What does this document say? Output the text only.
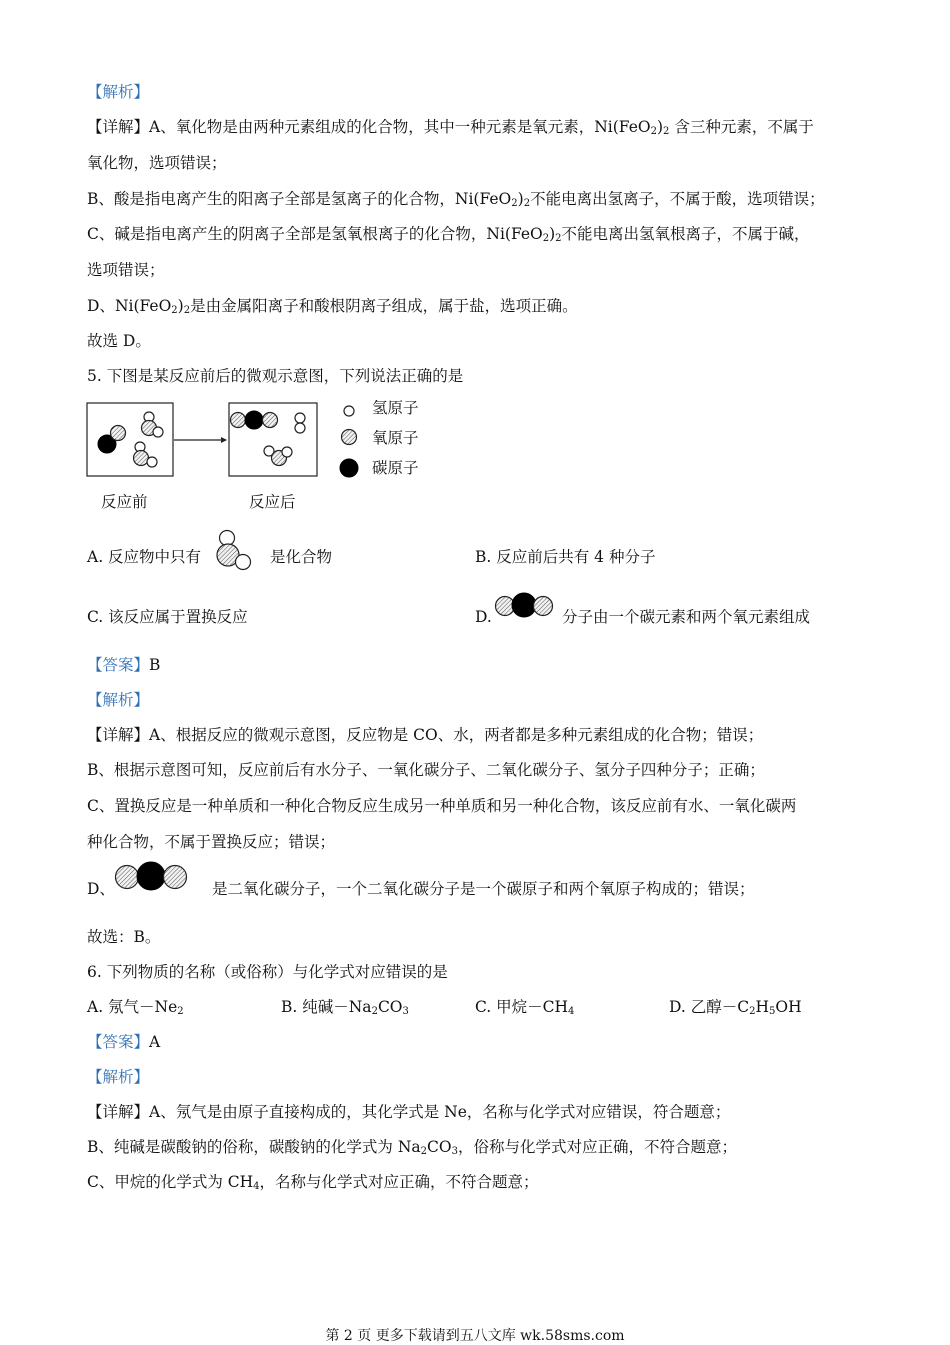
【解析】
【详解】A、氧化物是由两种元素组成的化合物，其中一种元素是氧元素，$Ni(FeO_2)_2$ 含三种元素，不属于
氧化物，选项错误；
B、酸是指电离产生的阳离子全部是氢离子的化合物，$Ni(FeO_2)_2$不能电离出氢离子，不属于酸，选项错误；
C、碱是指电离产生的阴离子全部是氢氧根离子的化合物，$Ni(FeO_2)_2$不能电离出氢氧根离子，不属于碱，
选项错误；
D、$Ni(FeO_2)_2$是由金属阳离子和酸根阴离子组成，属于盐，选项正确。
故选 D。
5. 下图是某反应前后的微观示意图，下列说法正确的是
氢原子
氧原子
碳原子
反应前	反应后
A. 反应物中只有	是化合物	B. 反应前后共有 4 种分子
C. 该反应属于置换反应	D.	分子由一个碳元素和两个氧元素组成
【答案】B
【解析】
【详解】A、根据反应的微观示意图，反应物是 CO、水，两者都是多种元素组成的化合物；错误；
B、根据示意图可知，反应前后有水分子、一氧化碳分子、二氧化碳分子、氢分子四种分子；正确；
C、置换反应是一种单质和一种化合物反应生成另一种单质和另一种化合物，该反应前有水、一氧化碳两
种化合物，不属于置换反应；错误；
D、	是二氧化碳分子，一个二氧化碳分子是一个碳原子和两个氧原子构成的；错误；
故选：B。
6. 下列物质的名称（或俗称）与化学式对应错误的是
A. 氖气$-Ne_2$	B. 纯碱$-Na_2CO_3$	C. 甲烷$-CH_4$	D. 乙醇$-C_2H_5OH$
【答案】A
【解析】
【详解】A、氖气是由原子直接构成的，其化学式是 Ne，名称与化学式对应错误，符合题意；
B、纯碱是碳酸钠的俗称，碳酸钠的化学式为 $Na_2CO_3$，俗称与化学式对应正确，不符合题意；
C、甲烷的化学式为 $CH_4$，名称与化学式对应正确，不符合题意；
第 2 页 更多下载请到五八文库 wk.58sms.com
